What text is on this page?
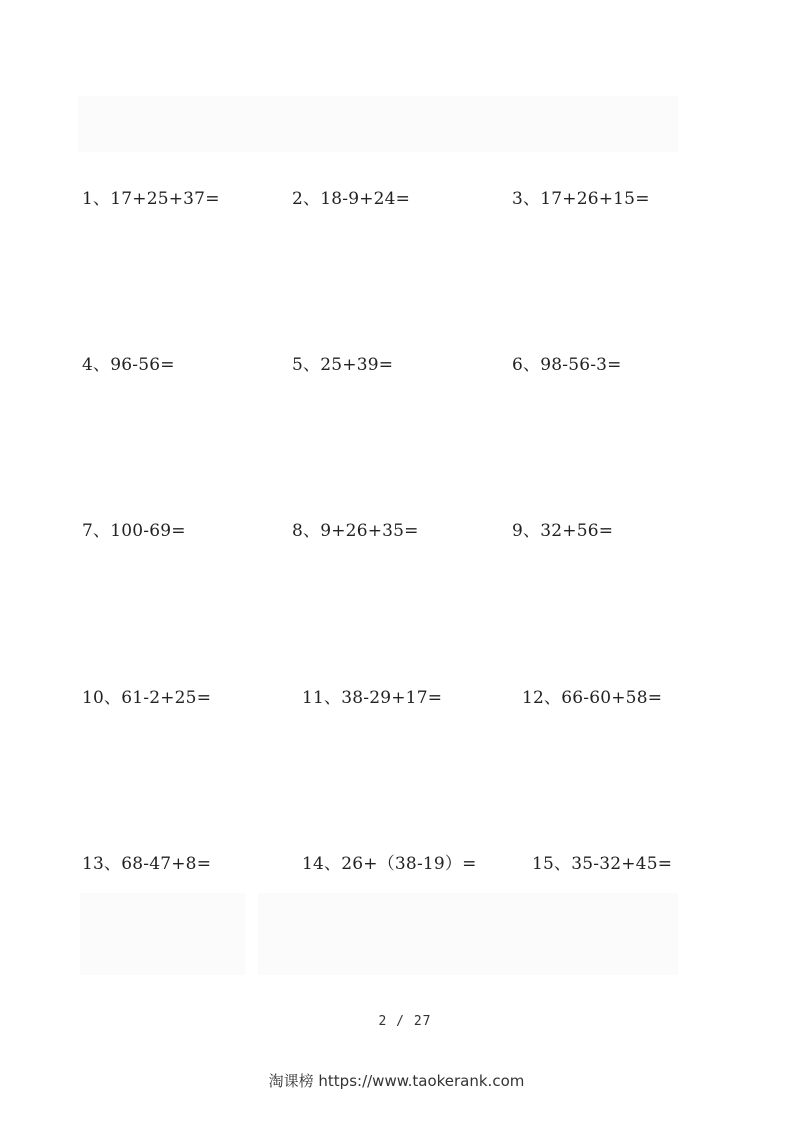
1、17+25+37=	2、18-9+24=	3、17+26+15=
4、96-56=	5、25+39=	6、98-56-3=
7、100-69=	8、9+26+35=	9、32+56=
10、61-2+25=	11、38-29+17=	12、66-60+58=
13、68-47+8=	14、26+（38-19）=	15、35-32+45=
2 / 27
淘课榜 https://www.taokerank.com
